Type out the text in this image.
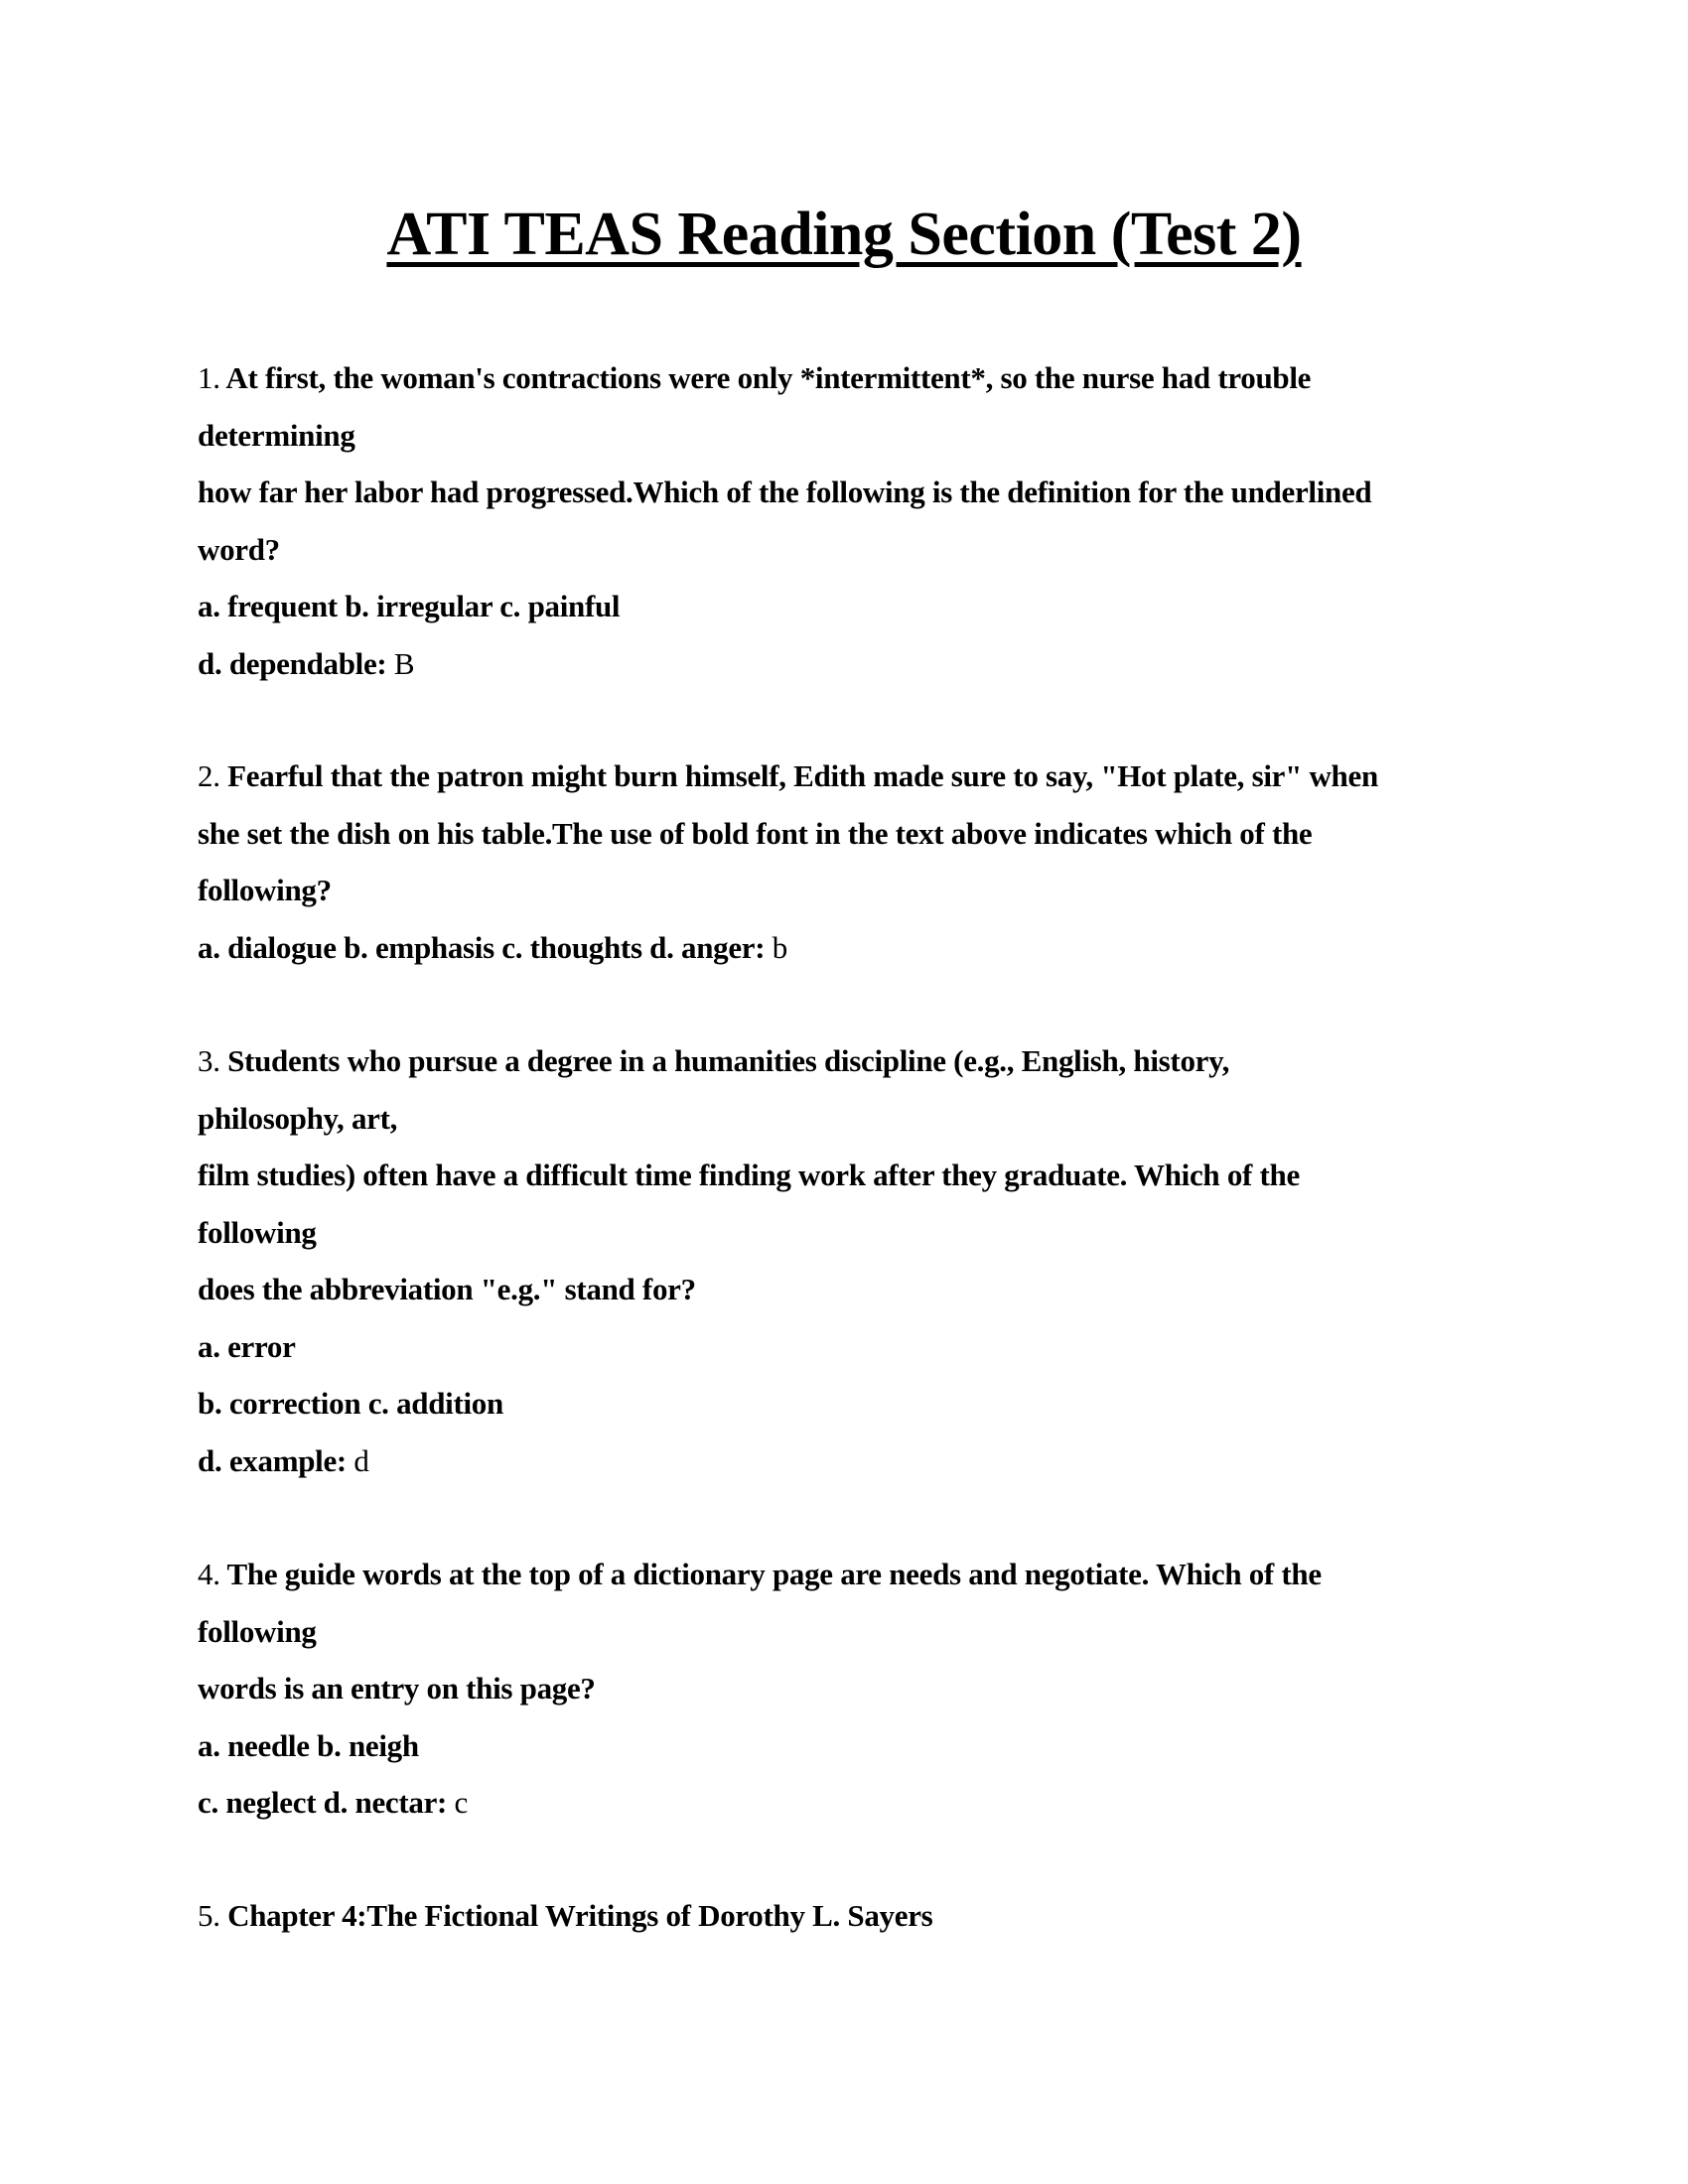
ATI TEAS Reading Section (Test 2)
1. At first, the woman's contractions were only *intermittent*, so the nurse had trouble
determining
how far her labor had progressed.Which of the following is the definition for the underlined
word?
a. frequent b. irregular c. painful
d. dependable: B
2. Fearful that the patron might burn himself, Edith made sure to say, "Hot plate, sir" when
she set the dish on his table.The use of bold font in the text above indicates which of the
following?
a. dialogue b. emphasis c. thoughts d. anger: b
3. Students who pursue a degree in a humanities discipline (e.g., English, history,
philosophy, art,
film studies) often have a difficult time finding work after they graduate. Which of the
following
does the abbreviation "e.g." stand for?
a. error
b. correction c. addition
d. example: d
4. The guide words at the top of a dictionary page are needs and negotiate. Which of the
following
words is an entry on this page?
a. needle b. neigh
c. neglect d. nectar: c
5. Chapter 4:The Fictional Writings of Dorothy L. Sayers
